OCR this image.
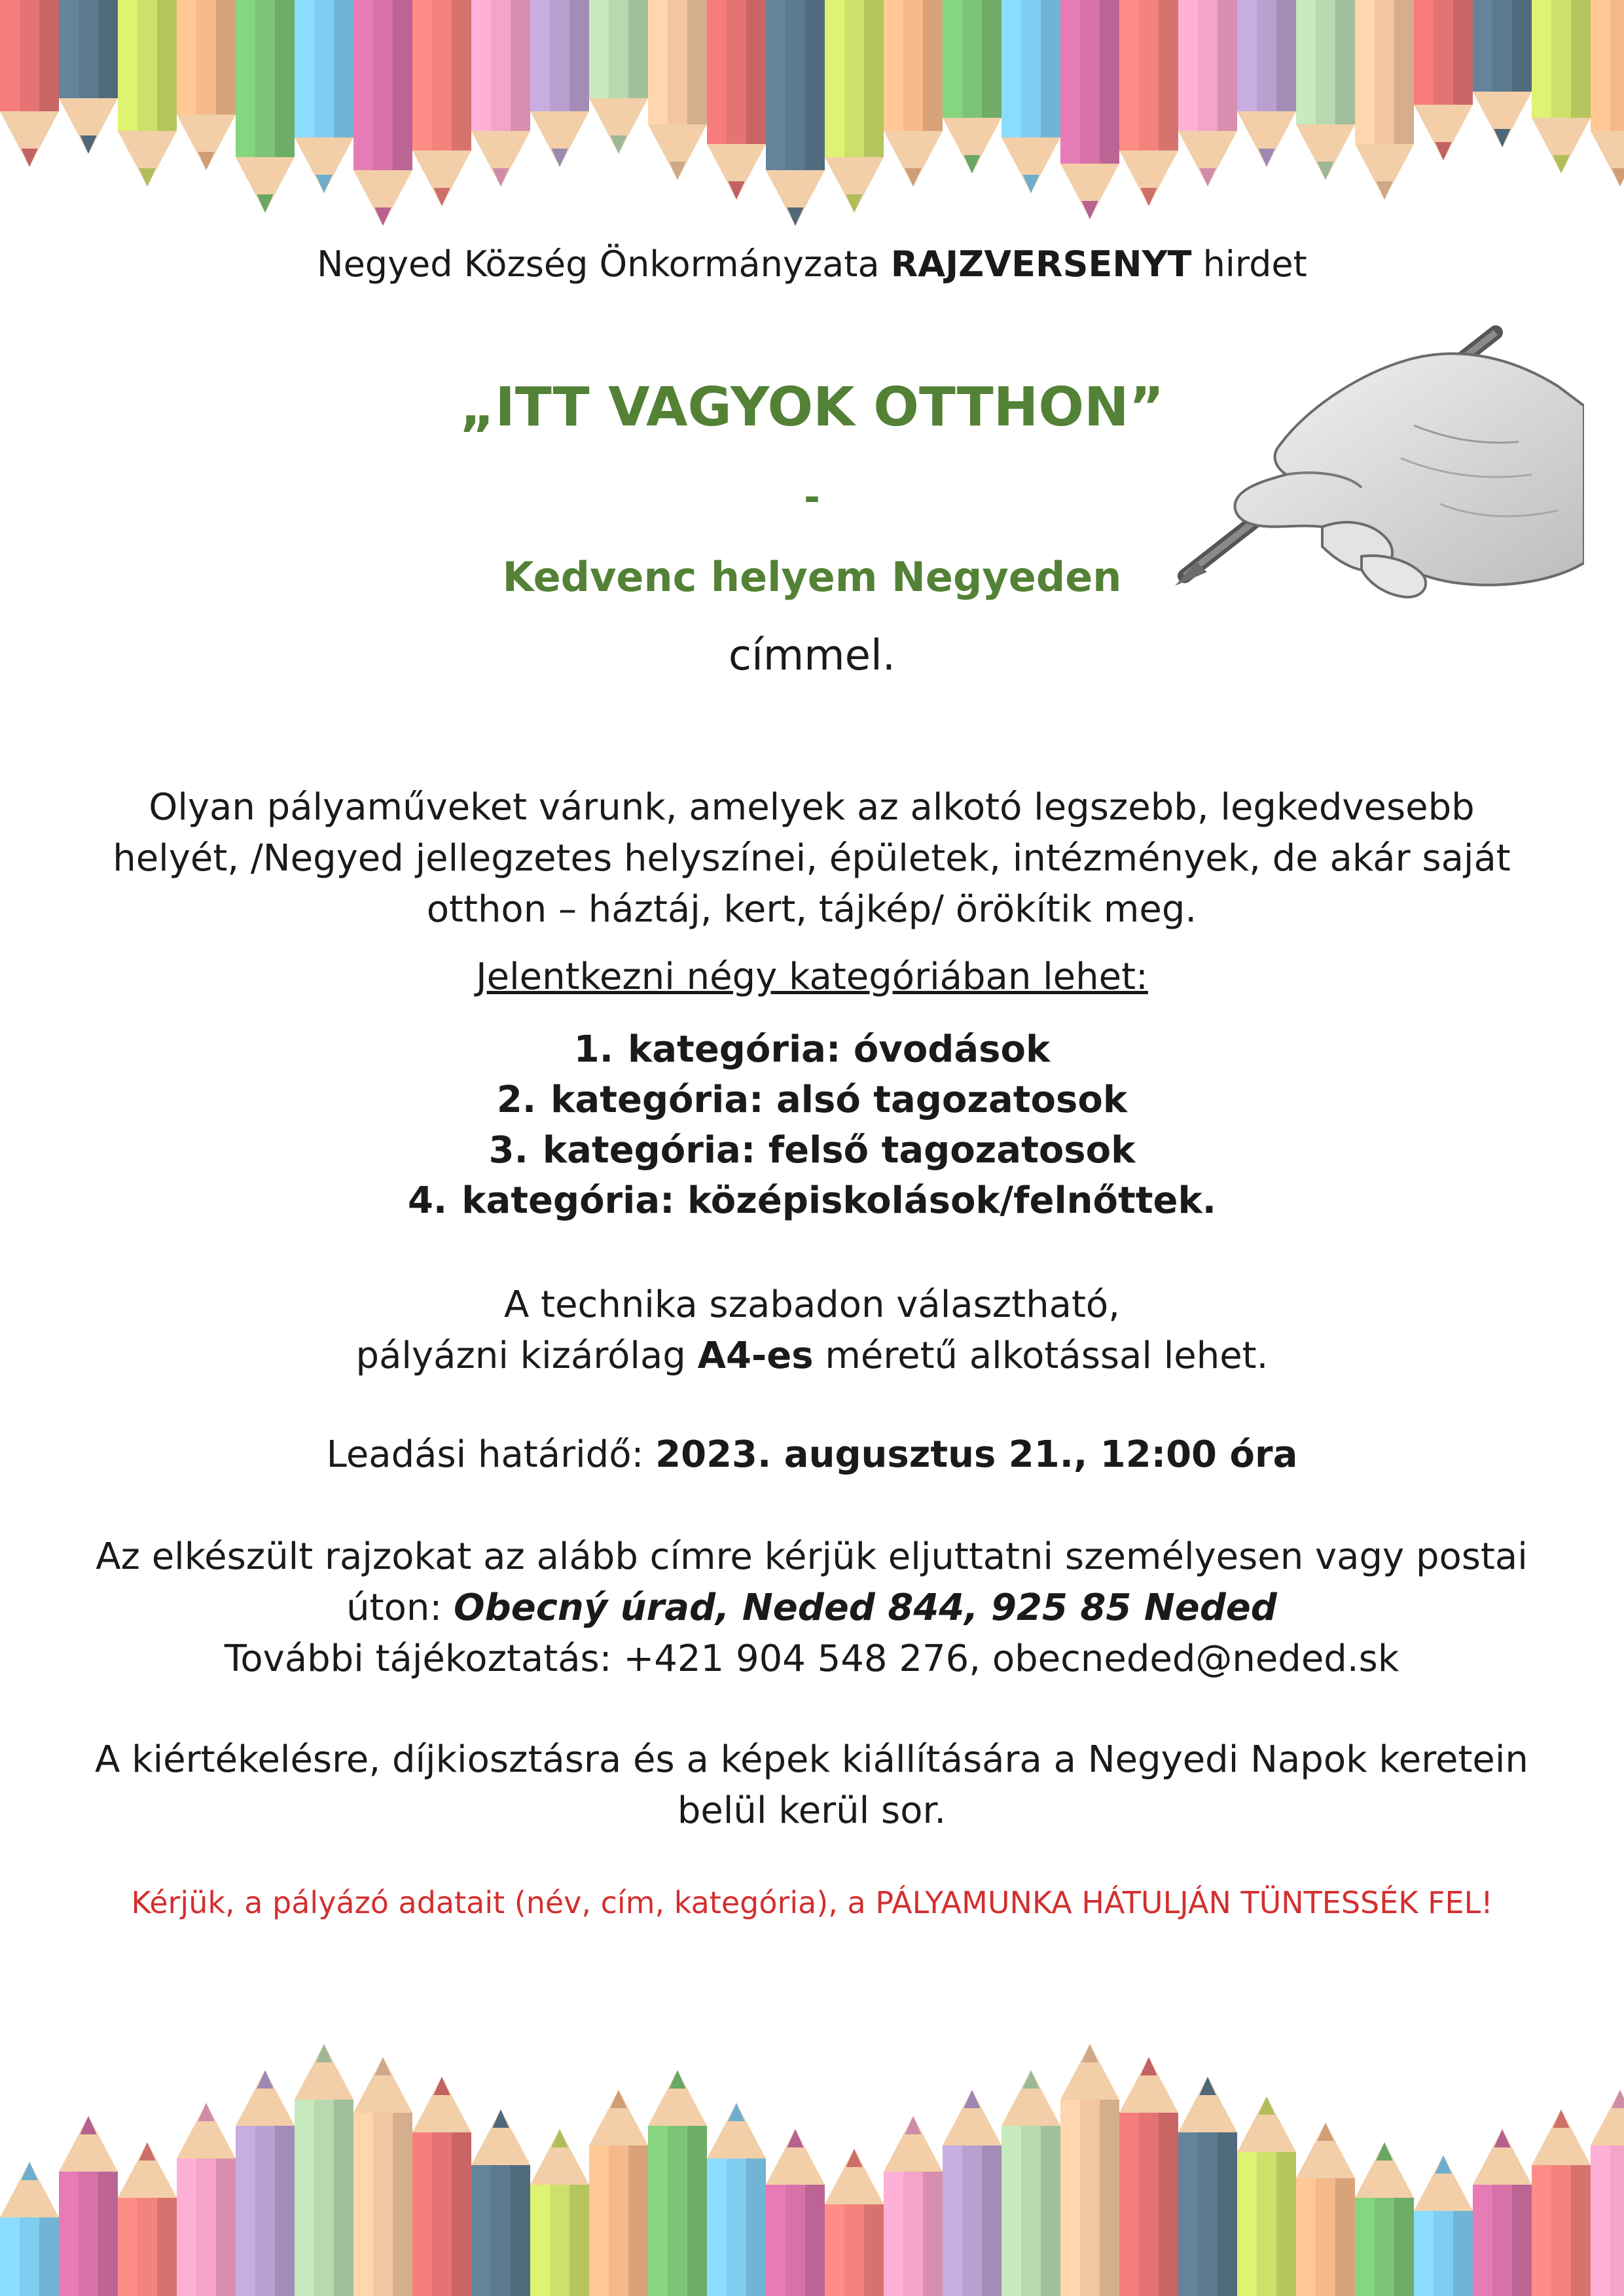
Negyed Község Önkormányzata RAJZVERSENYT hirdet
„ITT VAGYOK OTTHON”
-
Kedvenc helyem Negyeden
címmel.
Olyan pályaműveket várunk, amelyek az alkotó legszebb, legkedvesebb
helyét, /Negyed jellegzetes helyszínei, épületek, intézmények, de akár saját
otthon – háztáj, kert, tájkép/ örökítik meg.
Jelentkezni négy kategóriában lehet:
1. kategória: óvodások
2. kategória: alsó tagozatosok
3. kategória: felső tagozatosok
4. kategória: középiskolások/felnőttek.
A technika szabadon választható,
pályázni kizárólag A4-es méretű alkotással lehet.
Leadási határidő: 2023. augusztus 21., 12:00 óra
Az elkészült rajzokat az alább címre kérjük eljuttatni személyesen vagy postai
úton: Obecný úrad, Neded 844, 925 85 Neded
További tájékoztatás: +421 904 548 276, obecneded@neded.sk
A kiértékelésre, díjkiosztásra és a képek kiállítására a Negyedi Napok keretein
belül kerül sor.
Kérjük, a pályázó adatait (név, cím, kategória), a PÁLYAMUNKA HÁTULJÁN TÜNTESSÉK FEL!
